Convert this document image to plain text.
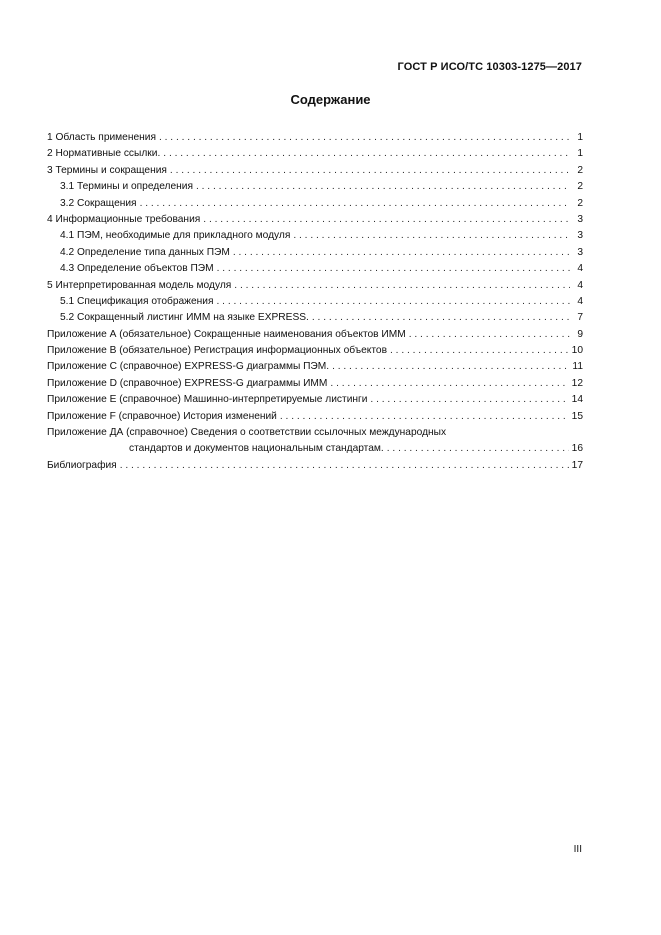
ГОСТ Р ИСО/ТС 10303-1275—2017
Содержание
1 Область применения . . .	1
2 Нормативные ссылки. . . .	1
3 Термины и сокращения . . .	2
3.1 Термины и определения . . .	2
3.2 Сокращения . . .	2
4 Информационные требования . . .	3
4.1 ПЭМ, необходимые для прикладного модуля . . .	3
4.2 Определение типа данных ПЭМ . . .	3
4.3 Определение объектов ПЭМ . . .	4
5 Интерпретированная модель модуля . . .	4
5.1 Спецификация отображения . . .	4
5.2 Сокращенный листинг ИММ на языке EXPRESS. . . .	7
Приложение А (обязательное) Сокращенные наименования объектов ИММ . . .	9
Приложение В (обязательное) Регистрация информационных объектов . . .	10
Приложение С (справочное) EXPRESS-G диаграммы ПЭМ. . . .	11
Приложение D (справочное) EXPRESS-G диаграммы ИММ . . .	12
Приложение Е (справочное) Машинно-интерпретируемые листинги . . .	14
Приложение F (справочное) История изменений . . .	15
Приложение ДА (справочное) Сведения о соответствии ссылочных международных
стандартов и документов национальным стандартам. . . .	16
Библиография . . .	17
III
